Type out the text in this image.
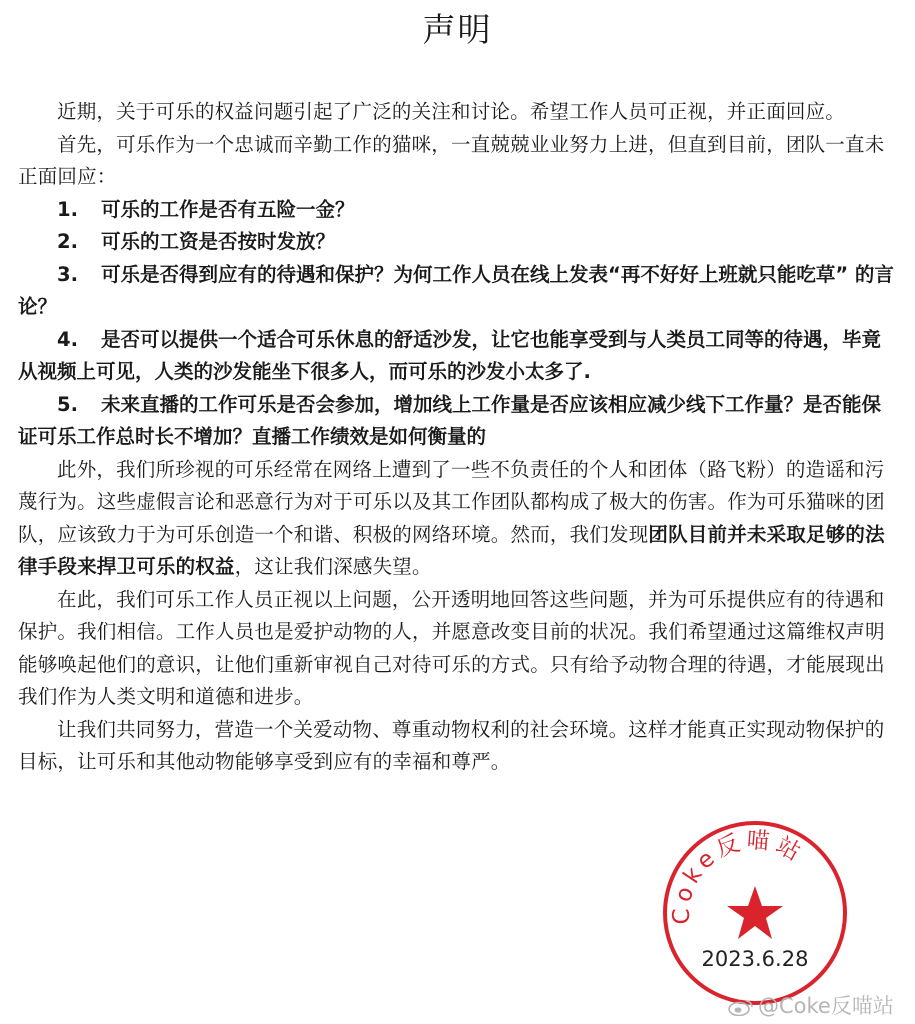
声明

近期，关于可乐的权益问题引起了广泛的关注和讨论。希望工作人员可正视，并正面回应。

首先，可乐作为一个忠诚而辛勤工作的猫咪，一直兢兢业业努力上进，但直到目前，团队一直未正面回应：

1. 可乐的工作是否有五险一金？

2. 可乐的工资是否按时发放？

3. 可乐是否得到应有的待遇和保护？为何工作人员在线上发表“再不好好上班就只能吃草” 的言论？

4. 是否可以提供一个适合可乐休息的舒适沙发，让它也能享受到与人类员工同等的待遇，毕竟从视频上可见，人类的沙发能坐下很多人，而可乐的沙发小太多了.

5. 未来直播的工作可乐是否会参加，增加线上工作量是否应该相应减少线下工作量？是否能保证可乐工作总时长不增加？直播工作绩效是如何衡量的

此外，我们所珍视的可乐经常在网络上遭到了一些不负责任的个人和团体（路飞粉）的造谣和污蔑行为。这些虚假言论和恶意行为对于可乐以及其工作团队都构成了极大的伤害。作为可乐猫咪的团队，应该致力于为可乐创造一个和谐、积极的网络环境。然而，我们发现团队目前并未采取足够的法律手段来捍卫可乐的权益，这让我们深感失望。

在此，我们可乐工作人员正视以上问题，公开透明地回答这些问题，并为可乐提供应有的待遇和保护。我们相信。工作人员也是爱护动物的人，并愿意改变目前的状况。我们希望通过这篇维权声明能够唤起他们的意识，让他们重新审视自己对待可乐的方式。只有给予动物合理的待遇，才能展现出我们作为人类文明和道德和进步。

让我们共同努力，营造一个关爱动物、尊重动物权利的社会环境。这样才能真正实现动物保护的目标，让可乐和其他动物能够享受到应有的幸福和尊严。

Coke反喵站
2023.6.28
@Coke反喵站
